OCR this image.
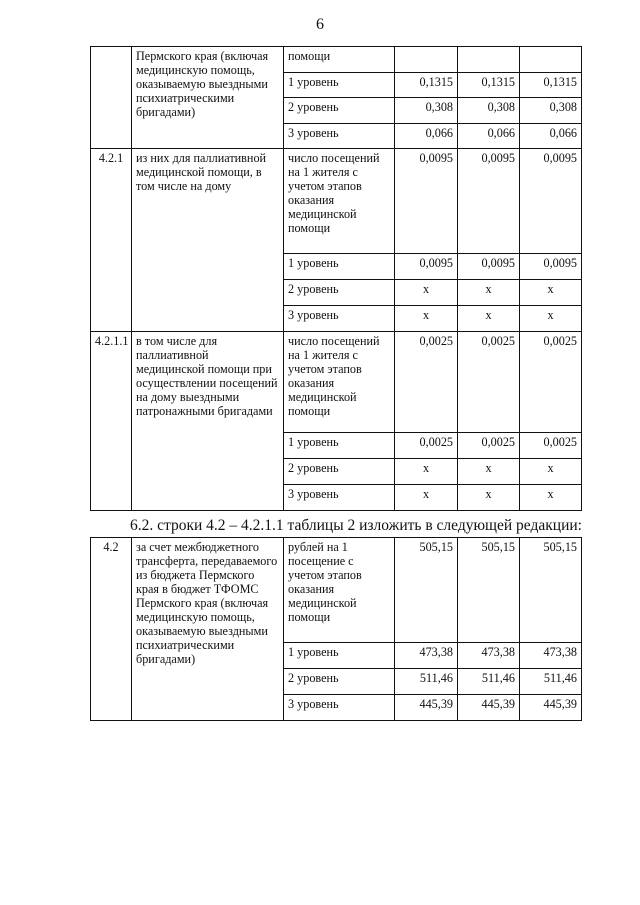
6
	Пермского края (включая медицинскую помощь, оказываемую выездными психиатрическими бригадами)	помощи			
		1 уровень	0,1315	0,1315	0,1315
		2 уровень	0,308	0,308	0,308
		3 уровень	0,066	0,066	0,066
4.2.1	из них для паллиативной медицинской помощи, в том числе на дому	число посещений на 1 жителя с учетом этапов оказания медицинской помощи	0,0095	0,0095	0,0095
		1 уровень	0,0095	0,0095	0,0095
		2 уровень	х	х	х
		3 уровень	х	х	х
4.2.1.1	в том числе для паллиативной медицинской помощи при осуществлении посещений на дому выездными патронажными бригадами	число посещений на 1 жителя с учетом этапов оказания медицинской помощи	0,0025	0,0025	0,0025
		1 уровень	0,0025	0,0025	0,0025
		2 уровень	х	х	х
		3 уровень	х	х	х
6.2. строки 4.2 – 4.2.1.1 таблицы 2 изложить в следующей редакции:
4.2	за счет межбюджетного трансферта, передаваемого из бюджета Пермского края в бюджет ТФОМС Пермского края (включая медицинскую помощь, оказываемую выездными психиатрическими бригадами)	рублей на 1 посещение с учетом этапов оказания медицинской помощи	505,15	505,15	505,15
		1 уровень	473,38	473,38	473,38
		2 уровень	511,46	511,46	511,46
		3 уровень	445,39	445,39	445,39
